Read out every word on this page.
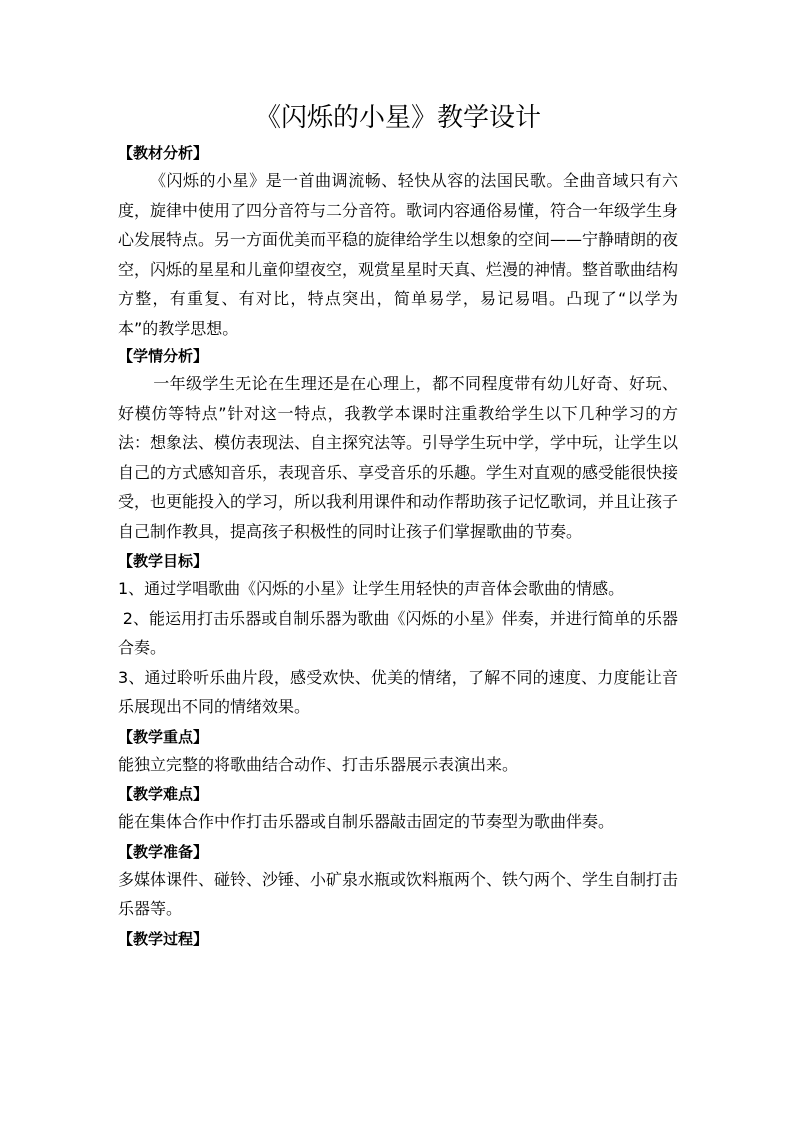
《闪烁的小星》教学设计
【教材分析】

《闪烁的小星》是一首曲调流畅、轻快从容的法国民歌。全曲音域只有六度，旋律中使用了四分音符与二分音符。歌词内容通俗易懂，符合一年级学生身心发展特点。另一方面优美而平稳的旋律给学生以想象的空间——宁静晴朗的夜空，闪烁的星星和儿童仰望夜空，观赏星星时天真、烂漫的神情。整首歌曲结构方整，有重复、有对比，特点突出，简单易学，易记易唱。凸现了“以学为本”的教学思想。

【学情分析】

一年级学生无论在生理还是在心理上，都不同程度带有幼儿好奇、好玩、好模仿等特点”针对这一特点，我教学本课时注重教给学生以下几种学习的方法：想象法、模仿表现法、自主探究法等。引导学生玩中学，学中玩，让学生以自己的方式感知音乐，表现音乐、享受音乐的乐趣。学生对直观的感受能很快接受，也更能投入的学习，所以我利用课件和动作帮助孩子记忆歌词，并且让孩子自己制作教具，提高孩子积极性的同时让孩子们掌握歌曲的节奏。

【教学目标】

1、通过学唱歌曲《闪烁的小星》让学生用轻快的声音体会歌曲的情感。

2、能运用打击乐器或自制乐器为歌曲《闪烁的小星》伴奏，并进行简单的乐器合奏。

3、通过聆听乐曲片段，感受欢快、优美的情绪，了解不同的速度、力度能让音乐展现出不同的情绪效果。

【教学重点】

能独立完整的将歌曲结合动作、打击乐器展示表演出来。

【教学难点】

能在集体合作中作打击乐器或自制乐器敲击固定的节奏型为歌曲伴奏。

【教学准备】

多媒体课件、碰铃、沙锤、小矿泉水瓶或饮料瓶两个、铁勺两个、学生自制打击乐器等。

【教学过程】
